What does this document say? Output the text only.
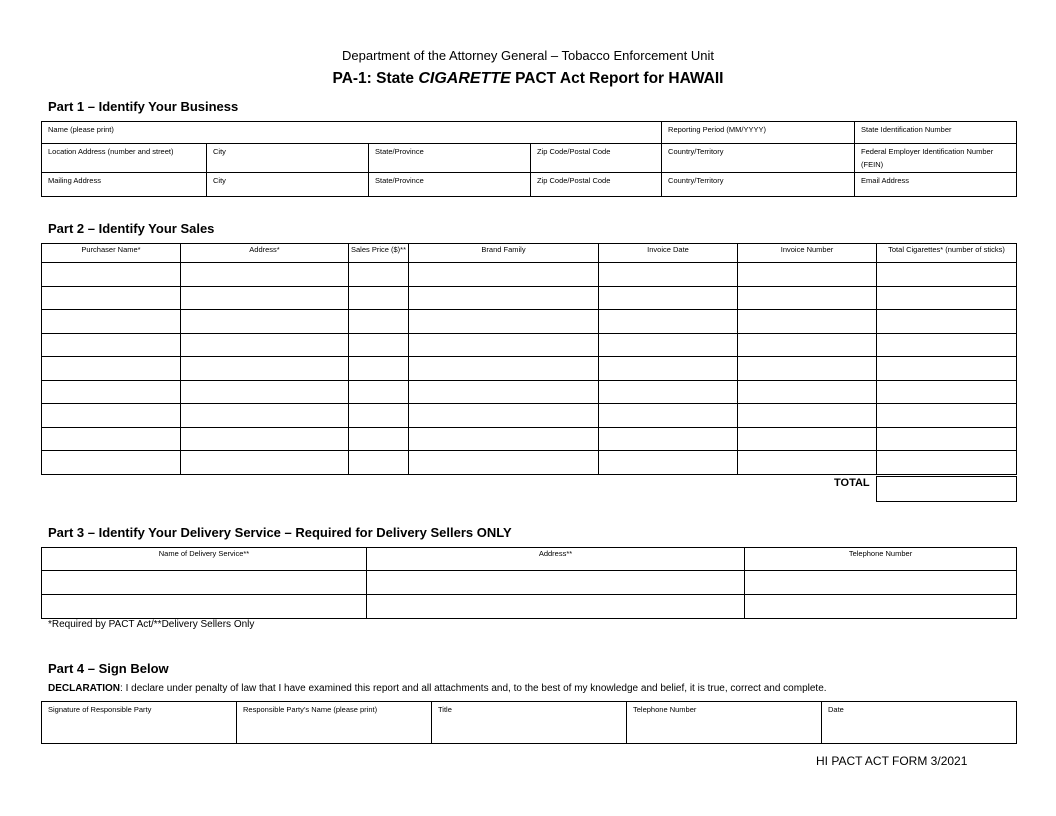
Department of the Attorney General – Tobacco Enforcement Unit
PA-1: State CIGARETTE PACT Act Report for HAWAII
Part 1 – Identify Your Business
Name (please print)				Reporting Period (MM/YYYY)	State Identification Number

Location Address (number and street)	City	State/Province	Zip Code/Postal Code	Country/Territory	Federal Employer Identification Number (FEIN)

Mailing Address	City	State/Province	Zip Code/Postal Code	Country/Territory	Email Address
Part 2 – Identify Your Sales
Purchaser Name*	Address*	Sales Price ($)**	Brand Family	Invoice Date	Invoice Number	Total Cigarettes* (number of sticks)

TOTAL
Part 3 – Identify Your Delivery Service – Required for Delivery Sellers ONLY
Name of Delivery Service**	Address**	Telephone Number

*Required by PACT Act/**Delivery Sellers Only
Part 4 – Sign Below
DECLARATION: I declare under penalty of law that I have examined this report and all attachments and, to the best of my knowledge and belief, it is true, correct and complete.
Signature of Responsible Party	Responsible Party’s Name (please print)	Title	Telephone Number	Date
HI PACT ACT FORM 3/2021
